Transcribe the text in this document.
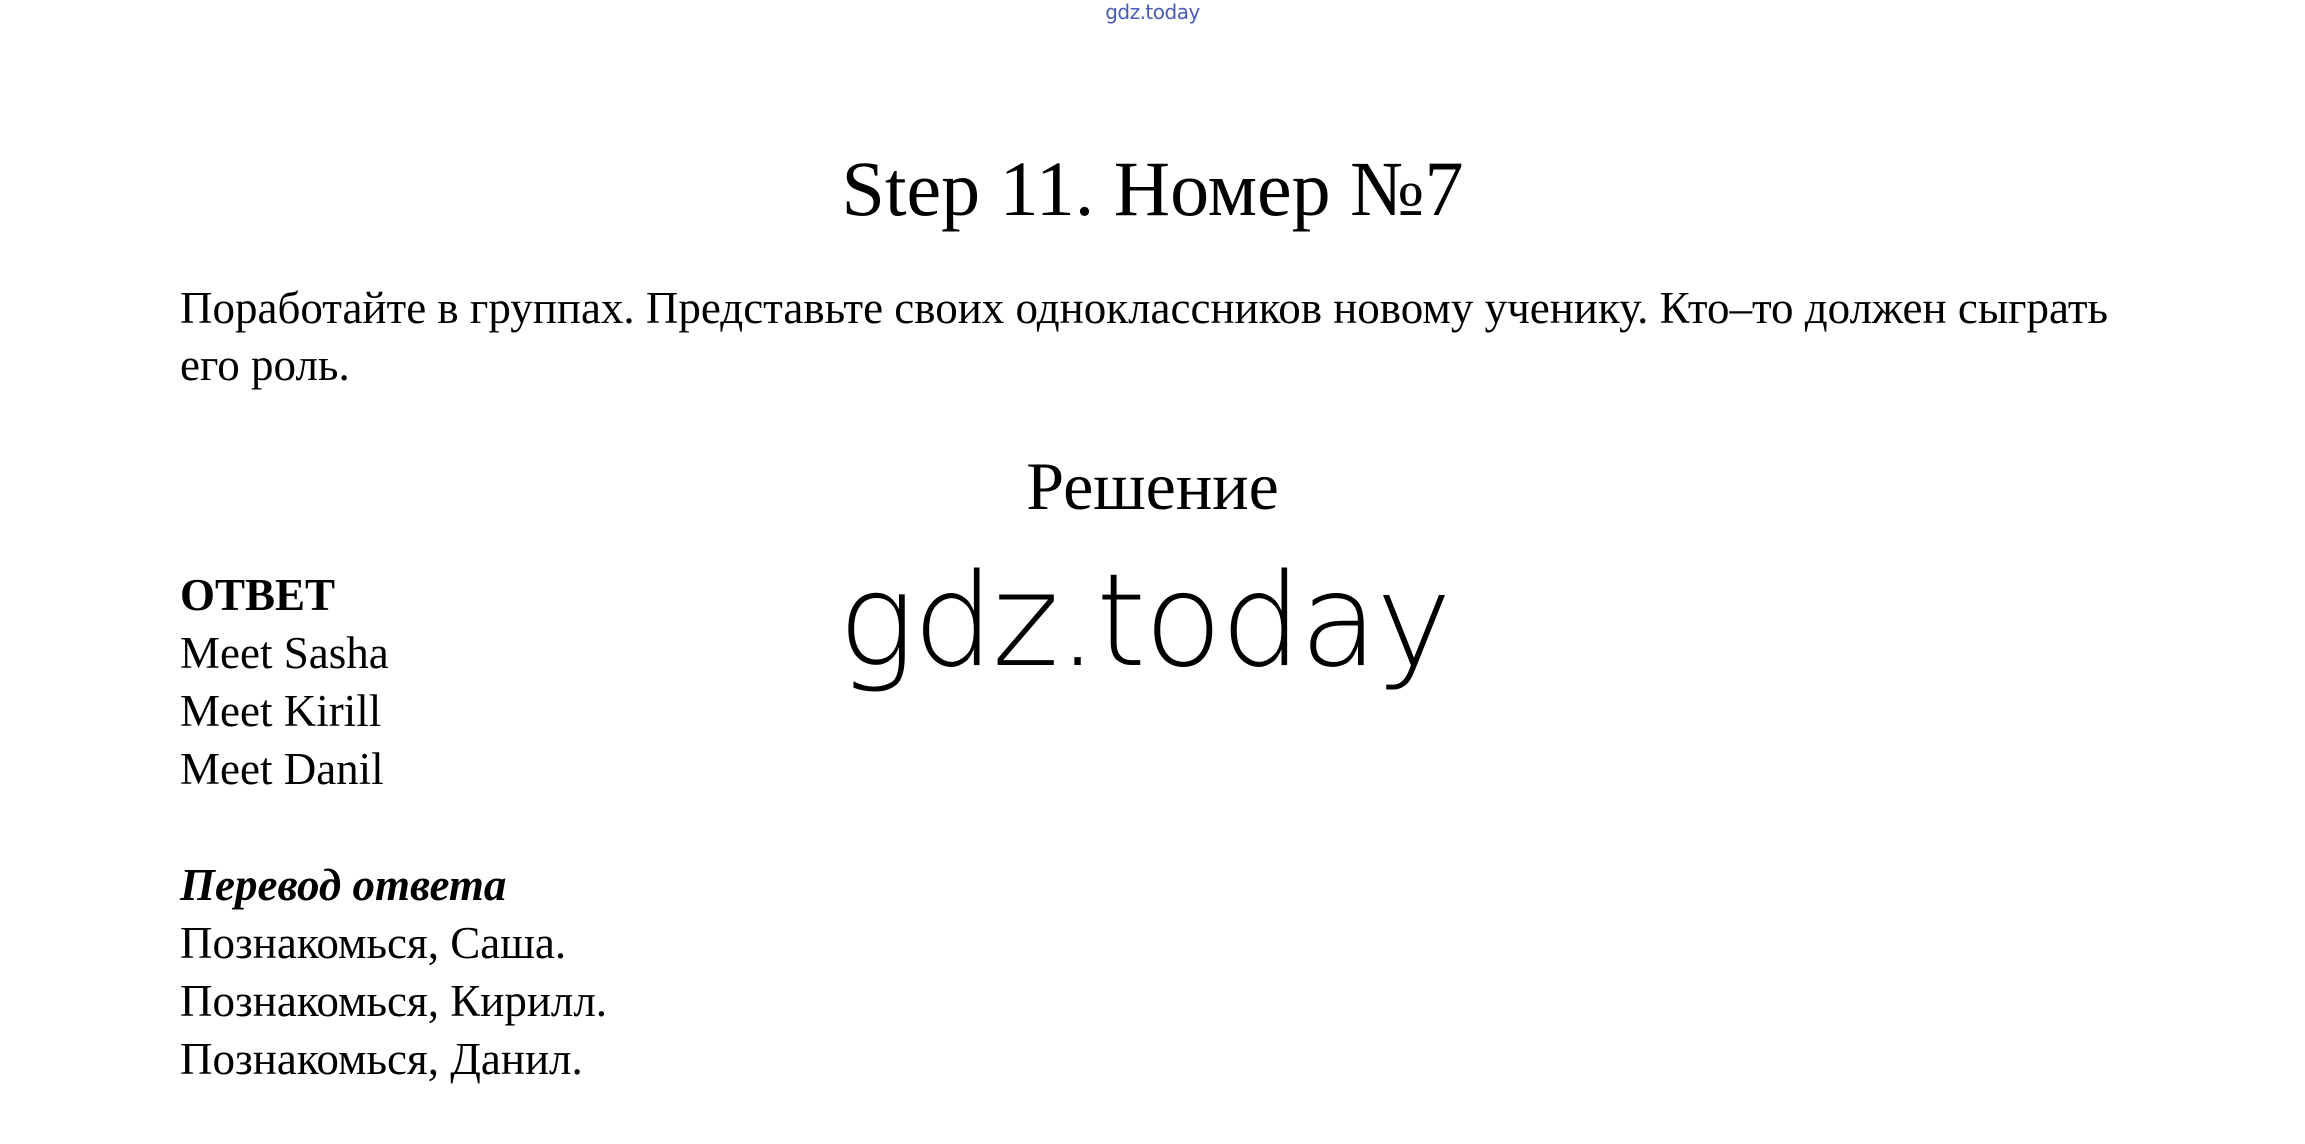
gdz.today
Step 11. Номер №7

Поработайте в группах. Представьте своих одноклассников новому ученику. Кто–то должен сыграть его роль.

Решение
gdz.today
ОТВЕТ
Meet Sasha
Meet Kirill
Meet Danil
Перевод ответа
Познакомься, Саша.
Познакомься, Кирилл.
Познакомься, Данил.
